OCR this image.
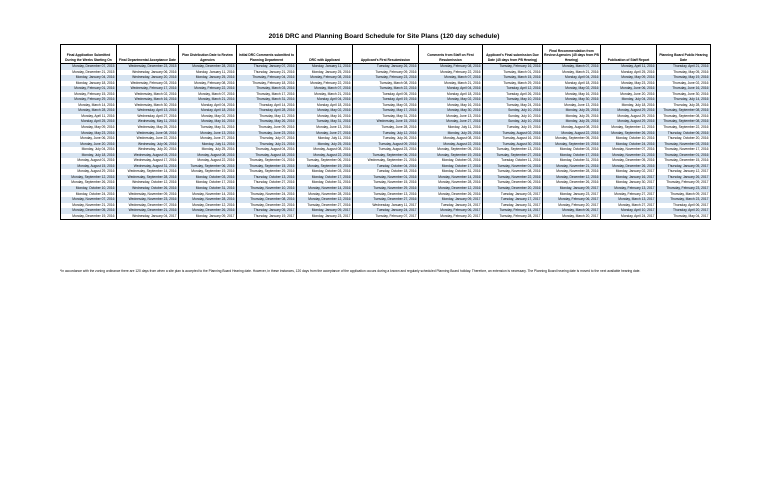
2016 DRC and Planning Board Schedule for Site Plans (120 day schedule)
Final Application Submitted During the Weeks Starting On	Final Departmental Acceptance Date	Plan Distribution Date to Review Agencies	Initial DRC Comments submitted to Planning Department	DRC with Applicant	Applicant's First Resubmission	Comments from Staff on First Resubmission	Applicant's Final submission Due Date (45 days from PB Hearing)	Final Recommendation from Review Agencies (45 days from PB Hearing)	Publication of Staff Report	Planning Board Public Hearing Date
Monday, December 07, 2015	Wednesday, December 23, 2015	Monday, December 28, 2015	Thursday, January 07, 2016	Monday, January 11, 2016	Tuesday, January 26, 2016	Monday, February 08, 2016	Tuesday, February 16, 2016	Monday, March 07, 2016	Monday, April 11, 2016	Thursday, April 21, 2016
Monday, December 21, 2015	Wednesday, January 06, 2016	Monday, January 11, 2016	Thursday, January 21, 2016	Monday, January 25, 2016	Tuesday, February 09, 2016	Monday, February 22, 2016	Tuesday, March 01, 2016	Monday, March 21, 2016	Monday, April 25, 2016	Thursday, May 05, 2016
Monday, January 04, 2016	Wednesday, January 20, 2016	Monday, January 25, 2016	Thursday, February 04, 2016	Monday, February 08, 2016	Tuesday, February 23, 2016	Monday, March 07, 2016	Tuesday, March 15, 2016	Monday, April 04, 2016	Monday, May 09, 2016	Thursday, May 19, 2016
Monday, January 18, 2016	Wednesday, February 03, 2016	Monday, February 08, 2016	Thursday, February 18, 2016	Monday, February 22, 2016	Tuesday, March 08, 2016	Monday, March 21, 2016	Tuesday, March 29, 2016	Monday, April 18, 2016	Monday, May 23, 2016	Thursday, June 02, 2016
Monday, February 01, 2016	Wednesday, February 17, 2016	Monday, February 22, 2016	Thursday, March 03, 2016	Monday, March 07, 2016	Tuesday, March 22, 2016	Monday, April 04, 2016	Tuesday, April 12, 2016	Monday, May 02, 2016	Monday, June 06, 2016	Thursday, June 16, 2016
Monday, February 15, 2016	Wednesday, March 02, 2016	Monday, March 07, 2016	Thursday, March 17, 2016	Monday, March 21, 2016	Tuesday, April 05, 2016	Monday, April 18, 2016	Tuesday, April 26, 2016	Monday, May 16, 2016	Monday, June 20, 2016	Thursday, June 30, 2016
Monday, February 29, 2016	Wednesday, March 16, 2016	Monday, March 21, 2016	Thursday, March 31, 2016	Monday, April 04, 2016	Tuesday, April 19, 2016	Monday, May 02, 2016	Tuesday, May 10, 2016	Monday, May 30, 2016	Monday, July 04, 2016	Thursday, July 14, 2016
Monday, March 14, 2016	Wednesday, March 30, 2016	Monday, April 04, 2016	Thursday, April 14, 2016	Monday, April 18, 2016	Tuesday, May 03, 2016	Monday, May 16, 2016	Tuesday, May 24, 2016	Monday, June 13, 2016	Monday, July 18, 2016	Thursday, July 28, 2016
Monday, March 28, 2016	Wednesday, April 13, 2016	Monday, April 18, 2016	Thursday, April 28, 2016	Monday, May 02, 2016	Tuesday, May 17, 2016	Monday, May 30, 2016	Sunday, July 10, 2016	Monday, July 25, 2016	Monday, August 29, 2016	Thursday, September 08, 2016
Monday, April 11, 2016	Wednesday, April 27, 2016	Monday, May 02, 2016	Thursday, May 12, 2016	Monday, May 16, 2016	Tuesday, May 31, 2016	Monday, June 13, 2016	Sunday, July 10, 2016	Monday, July 25, 2016	Monday, August 29, 2016	Thursday, September 08, 2016
Monday, April 25, 2016	Wednesday, May 11, 2016	Monday, May 16, 2016	Thursday, May 26, 2016	Tuesday, May 31, 2016	Wednesday, June 15, 2016	Monday, June 27, 2016	Sunday, July 10, 2016	Monday, July 25, 2016	Monday, August 29, 2016	Thursday, September 08, 2016
Monday, May 09, 2016	Wednesday, May 25, 2016	Tuesday, May 31, 2016	Thursday, June 09, 2016	Monday, June 13, 2016	Tuesday, June 28, 2016	Monday, July 11, 2016	Tuesday, July 19, 2016	Monday, August 08, 2016	Monday, September 12, 2016	Thursday, September 22, 2016
Monday, May 23, 2016	Wednesday, June 08, 2016	Monday, June 13, 2016	Thursday, June 23, 2016	Monday, June 27, 2016	Tuesday, July 12, 2016	Monday, July 25, 2016	Tuesday, August 02, 2016	Monday, August 22, 2016	Monday, September 26, 2016	Thursday, October 06, 2016
Monday, June 06, 2016	Wednesday, June 22, 2016	Monday, June 27, 2016	Thursday, July 07, 2016	Monday, July 11, 2016	Tuesday, July 26, 2016	Monday, August 08, 2016	Tuesday, August 16, 2016	Monday, September 05, 2016	Monday, October 10, 2016	Thursday, October 20, 2016
Monday, June 20, 2016	Wednesday, July 06, 2016	Monday, July 11, 2016	Thursday, July 21, 2016	Monday, July 25, 2016	Tuesday, August 09, 2016	Monday, August 22, 2016	Tuesday, August 30, 2016	Monday, September 19, 2016	Monday, October 24, 2016	Thursday, November 03, 2016
Monday, July 04, 2016	Wednesday, July 20, 2016	Monday, July 25, 2016	Thursday, August 04, 2016	Monday, August 08, 2016	Tuesday, August 23, 2016	Monday, September 05, 2016	Tuesday, September 13, 2016	Monday, October 03, 2016	Monday, November 07, 2016	Thursday, November 17, 2016
Monday, July 18, 2016	Wednesday, August 03, 2016	Monday, August 08, 2016	Thursday, August 18, 2016	Monday, August 22, 2016	Tuesday, September 06, 2016	Monday, September 19, 2016	Tuesday, September 27, 2016	Monday, October 17, 2016	Monday, November 21, 2016	Thursday, December 01, 2016
Monday, August 01, 2016	Wednesday, August 17, 2016	Monday, August 22, 2016	Thursday, September 01, 2016	Tuesday, September 06, 2016	Wednesday, September 21, 2016	Monday, October 03, 2016	Tuesday, October 11, 2016	Monday, October 31, 2016	Monday, December 05, 2016	Thursday, December 15, 2016
Monday, August 15, 2016	Wednesday, August 31, 2016	Tuesday, September 06, 2016	Thursday, September 15, 2016	Monday, September 19, 2016	Tuesday, October 04, 2016	Monday, October 17, 2016	Tuesday, November 01, 2016	Monday, November 21, 2016	Monday, December 26, 2016	Thursday, January 05, 2017
Monday, August 29, 2016	Wednesday, September 14, 2016	Monday, September 19, 2016	Thursday, September 29, 2016	Monday, October 03, 2016	Tuesday, October 18, 2016	Monday, October 31, 2016	Tuesday, November 08, 2016	Monday, November 28, 2016	Monday, January 02, 2017	Thursday, January 12, 2017
Monday, September 12, 2016	Wednesday, September 28, 2016	Monday, October 03, 2016	Thursday, October 13, 2016	Monday, October 17, 2016	Tuesday, November 01, 2016	Monday, November 14, 2016	Tuesday, November 22, 2016	Monday, December 12, 2016	Monday, January 16, 2017	Thursday, January 26, 2017
Monday, September 26, 2016	Wednesday, October 12, 2016	Monday, October 17, 2016	Thursday, October 27, 2016	Monday, October 31, 2016	Tuesday, November 15, 2016	Monday, November 28, 2016	Tuesday, December 06, 2016	Monday, December 26, 2016	Monday, January 30, 2017	Thursday, February 09, 2017
Monday, October 10, 2016	Wednesday, October 26, 2016	Monday, October 31, 2016	Thursday, November 10, 2016	Monday, November 14, 2016	Tuesday, November 29, 2016	Monday, December 12, 2016	Tuesday, December 20, 2016	Monday, January 09, 2017	Monday, February 13, 2017	Thursday, February 23, 2017
Monday, October 24, 2016	Wednesday, November 09, 2016	Monday, November 14, 2016	Thursday, November 24, 2016	Monday, November 28, 2016	Tuesday, December 13, 2016	Monday, December 26, 2016	Tuesday, January 03, 2017	Monday, January 23, 2017	Monday, February 27, 2017	Thursday, March 09, 2017
Monday, November 07, 2016	Wednesday, November 23, 2016	Monday, November 28, 2016	Thursday, December 08, 2016	Monday, December 12, 2016	Tuesday, December 27, 2016	Monday, January 09, 2017	Tuesday, January 17, 2017	Monday, February 06, 2017	Monday, March 13, 2017	Thursday, March 23, 2017
Monday, November 21, 2016	Wednesday, December 07, 2016	Monday, December 12, 2016	Thursday, December 22, 2016	Tuesday, December 27, 2016	Wednesday, January 11, 2017	Tuesday, January 24, 2017	Tuesday, January 31, 2017	Monday, February 20, 2017	Monday, March 27, 2017	Thursday, April 06, 2017
Monday, December 05, 2016	Wednesday, December 21, 2016	Monday, December 26, 2016	Thursday, January 05, 2017	Monday, January 09, 2017	Tuesday, January 24, 2017	Monday, February 06, 2017	Tuesday, February 14, 2017	Monday, March 06, 2017	Monday, April 10, 2017	Thursday, April 20, 2017
Monday, December 19, 2016	Wednesday, January 04, 2017	Monday, January 09, 2017	Thursday, January 19, 2017	Monday, January 23, 2017	Tuesday, February 07, 2017	Monday, February 20, 2017	Tuesday, February 28, 2017	Monday, March 20, 2017	Monday, April 24, 2017	Thursday, May 04, 2017
*In accordance with the zoning ordinance there are 120 days from when a site plan is accepted to the Planning Board Hearing date. However, in these instances, 120 days from the acceptance of the application occurs during a known and regularly scheduled Planning Board holiday. Therefore, an extension is necessary. The Planning Board hearing date is moved to the next available hearing date.
